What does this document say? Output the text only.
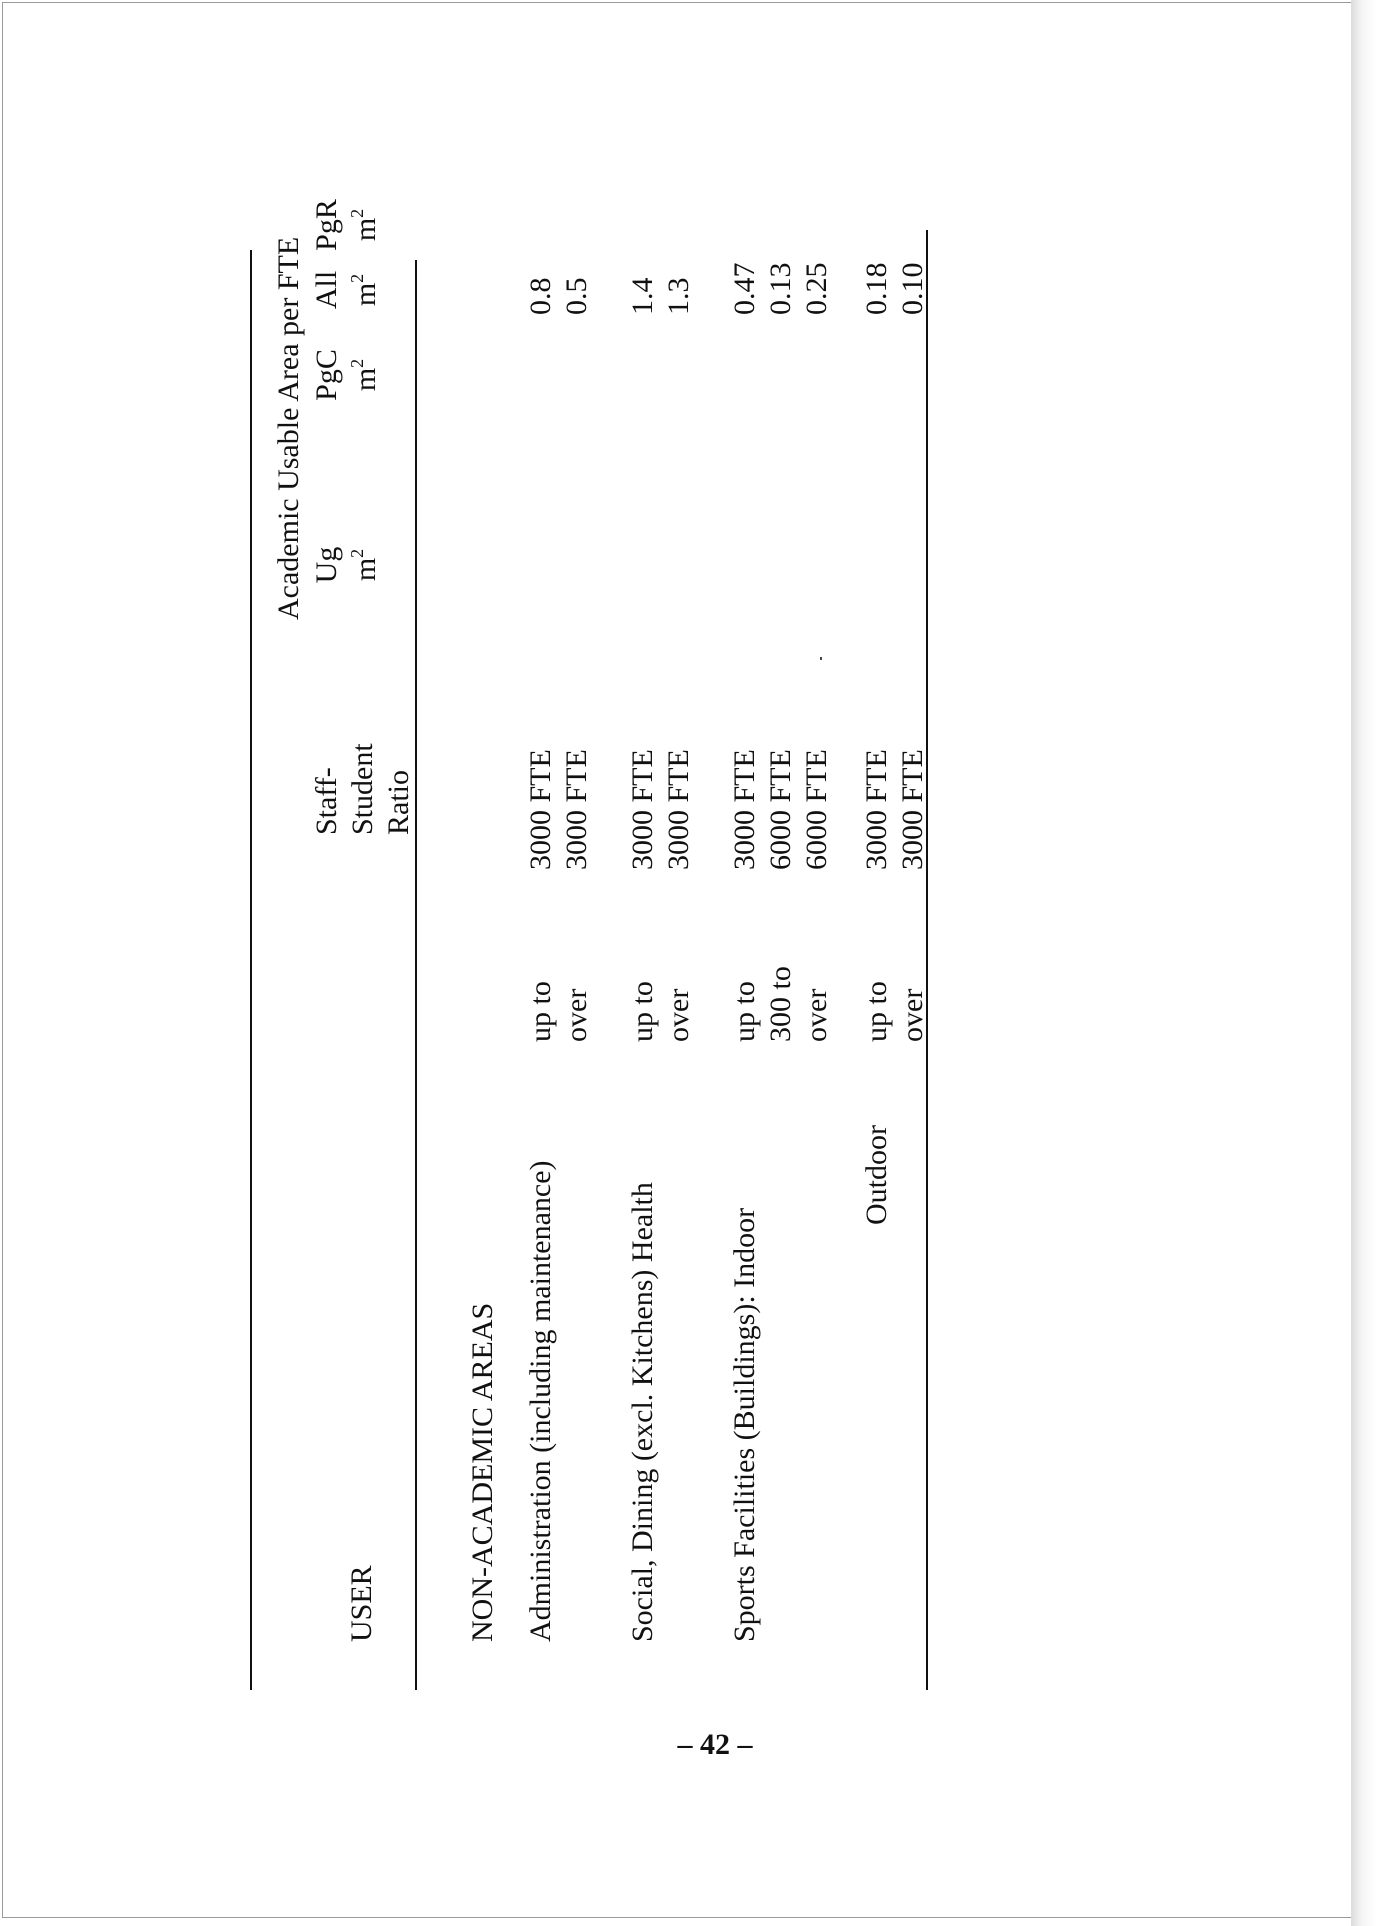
– 42 –
USER
Staff- Student Ratio
Academic Usable Area per FTE Ug $m^2$
PgC $m^2$
PgR $m^2$
All $m^2$
NON-ACADEMIC AREAS Administration (including maintenance)
up to
3000 FTE
0.8
over
3000 FTE
0.5
Social, Dining (excl. Kitchens) Health
up to
3000 FTE
1.4
over
3000 FTE
1.3
Sports Facilities (Buildings): Indoor
up to
3000 FTE
0.47
300 to
6000 FTE
0.13
over
6000 FTE
0.25
Outdoor
up to
3000 FTE
0.18
over
3000 FTE
0.10
